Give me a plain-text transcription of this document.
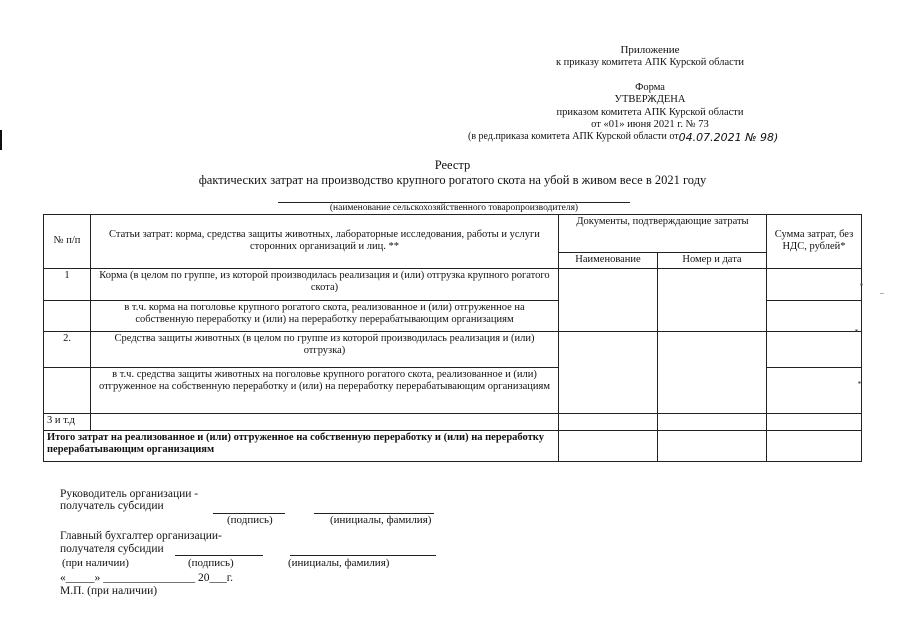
Приложение
к приказу комитета АПК Курской области
Форма
УТВЕРЖДЕНА
приказом комитета АПК Курской области
от «01» июня 2021 г. № 73
(в ред.приказа комитета АПК Курской области от 04.07.2021 № 98)
Реестр
фактических затрат на производство крупного рогатого скота на убой в живом весе в 2021 году
(наименование сельскохозяйственного товаропроизводителя)
№ п/п	Статьи затрат: корма, средства защиты животных, лабораторные исследования, работы и услуги сторонних организаций и лиц. **	Документы, подтверждающие затраты		Сумма затрат, без НДС, рублей*
		Наименование	Номер и дата	
1	Корма (в целом по группе, из которой производилась реализация и (или) отгрузка крупного рогатого скота)			
	в т.ч. корма на поголовье крупного рогатого скота, реализованное и (или) отгруженное на собственную переработку и (или) на переработку перерабатывающим организациям			
2.	Средства защиты животных (в целом по группе из которой производилась реализация и (или) отгрузка)			
	в т.ч. средства защиты животных на поголовье крупного рогатого скота, реализованное и (или) отгруженное на собственную переработку и (или) на переработку перерабатывающим организациям			
3 и т.д				
Итого затрат на реализованное и (или) отгруженное на собственную переработку и (или) на переработку перерабатывающим организациям				
▪
–
▪
▪
Руководитель организации -
получатель субсидии
(подпись)	(инициалы, фамилия)
Главный бухгалтер организации-
получателя субсидии
(при наличии)	(подпись)	(инициалы, фамилия)
«_____» ________________ 20___г.
М.П. (при наличии)
